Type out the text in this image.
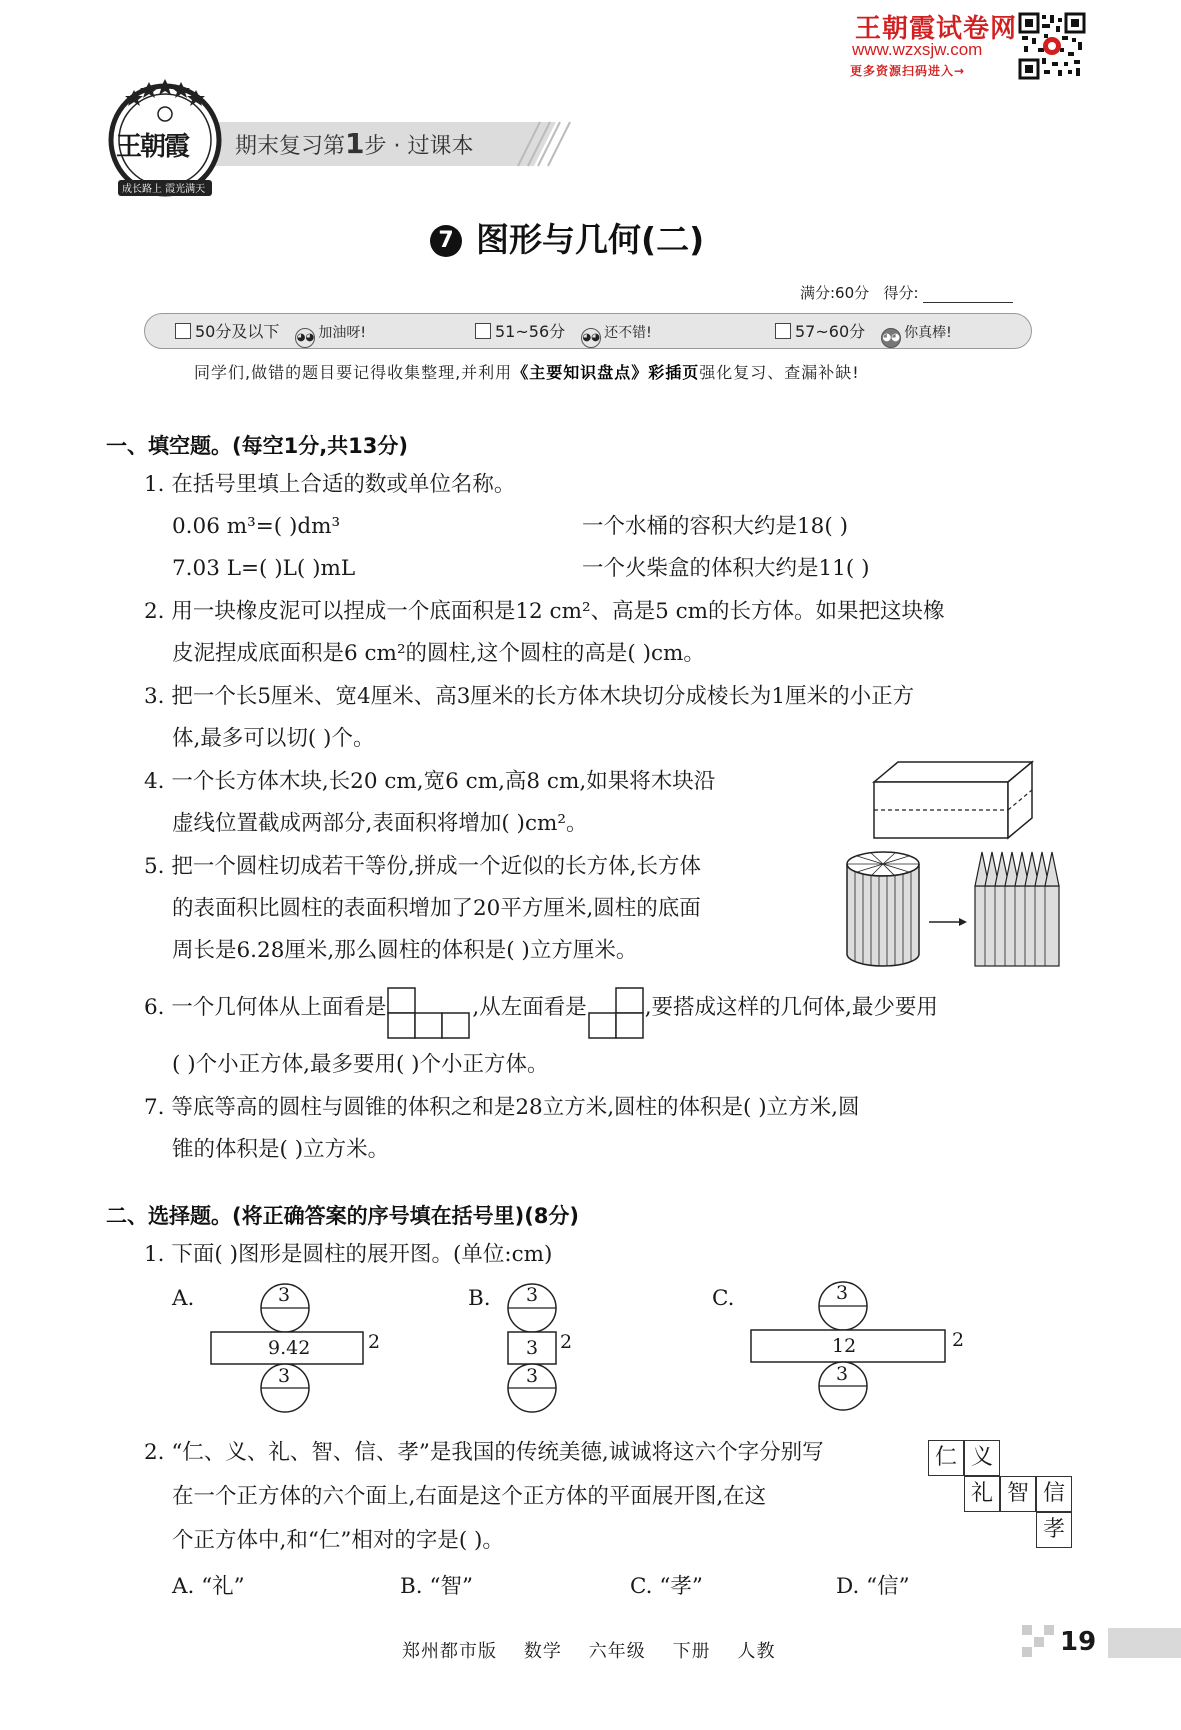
王朝霞试卷网
www.wzxsjw.com
更多资源扫码进入→
期末复习第1步 · 过课本
王朝霞
成长路上 霞光满天
7 图形与几何(二)
满分:60分 得分:
50分及以下 ◕◕ 加油呀!	51~56分 ◕◕ 还不错!	57~60分 ◕◕ 你真棒!
同学们,做错的题目要记得收集整理,并利用《主要知识盘点》彩插页强化复习、查漏补缺!
一、填空题。(每空1分,共13分)
1. 在括号里填上合适的数或单位名称。
0.06 m³=( )dm³	一个水桶的容积大约是18( )
7.03 L=( )L( )mL	一个火柴盒的体积大约是11( )
2. 用一块橡皮泥可以捏成一个底面积是12 cm²、高是5 cm的长方体。如果把这块橡
皮泥捏成底面积是6 cm²的圆柱,这个圆柱的高是( )cm。
3. 把一个长5厘米、宽4厘米、高3厘米的长方体木块切分成棱长为1厘米的小正方
体,最多可以切( )个。
4. 一个长方体木块,长20 cm,宽6 cm,高8 cm,如果将木块沿
虚线位置截成两部分,表面积将增加( )cm²。
5. 把一个圆柱切成若干等份,拼成一个近似的长方体,长方体
的表面积比圆柱的表面积增加了20平方厘米,圆柱的底面
周长是6.28厘米,那么圆柱的体积是( )立方厘米。
6. 一个几何体从上面看是	,从左面看是	,要搭成这样的几何体,最少要用
( )个小正方体,最多要用( )个小正方体。
7. 等底等高的圆柱与圆锥的体积之和是28立方米,圆柱的体积是( )立方米,圆
锥的体积是( )立方米。
二、选择题。(将正确答案的序号填在括号里)(8分)
1. 下面( )图形是圆柱的展开图。(单位:cm)
A.	3
9.42
3
2
B. 3
3
3
2
C.	3
12
3
2
2. “仁、义、礼、智、信、孝”是我国的传统美德,诚诚将这六个字分别写
在一个正方体的六个面上,右面是这个正方体的平面展开图,在这
个正方体中,和“仁”相对的字是( )。
仁 义
礼 智 信
孝
A. “礼”	B. “智”	C. “孝”	D. “信”
郑州都市版    数学    六年级    下册    人教	19
